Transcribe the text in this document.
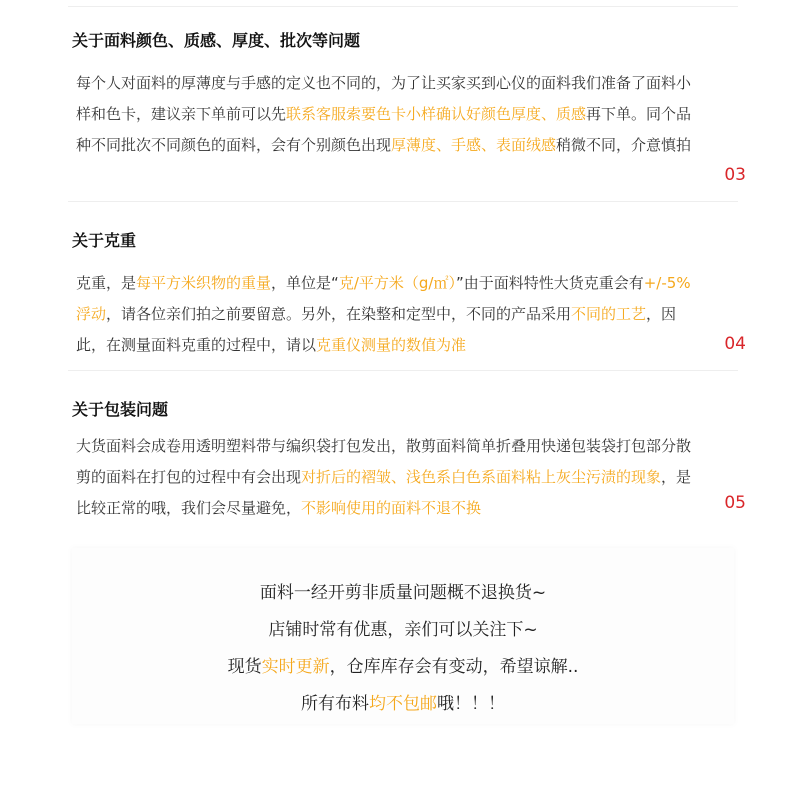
关于面料颜色、质感、厚度、批次等问题
每个人对面料的厚薄度与手感的定义也不同的，为了让买家买到心仪的面料我们准备了面料小样和色卡，建议亲下单前可以先联系客服索要色卡小样确认好颜色厚度、质感再下单。同个品种不同批次不同颜色的面料，会有个别颜色出现厚薄度、手感、表面绒感稍微不同，介意慎拍
03
关于克重
克重，是每平方米织物的重量，单位是“克/平方米（g/㎡）”由于面料特性大货克重会有+/-5%浮动，请各位亲们拍之前要留意。另外，在染整和定型中，不同的产品采用不同的工艺，因此，在测量面料克重的过程中，请以克重仪测量的数值为准	04
关于包装问题
大货面料会成卷用透明塑料带与编织袋打包发出，散剪面料简单折叠用快递包装袋打包部分散剪的面料在打包的过程中有会出现对折后的褶皱、浅色系白色系面料粘上灰尘污渍的现象，是比较正常的哦，我们会尽量避免，不影响使用的面料不退不换	05
面料一经开剪非质量问题概不退换货~
店铺时常有优惠，亲们可以关注下~
现货实时更新，仓库库存会有变动，希望谅解..
所有布料均不包邮哦！！！
